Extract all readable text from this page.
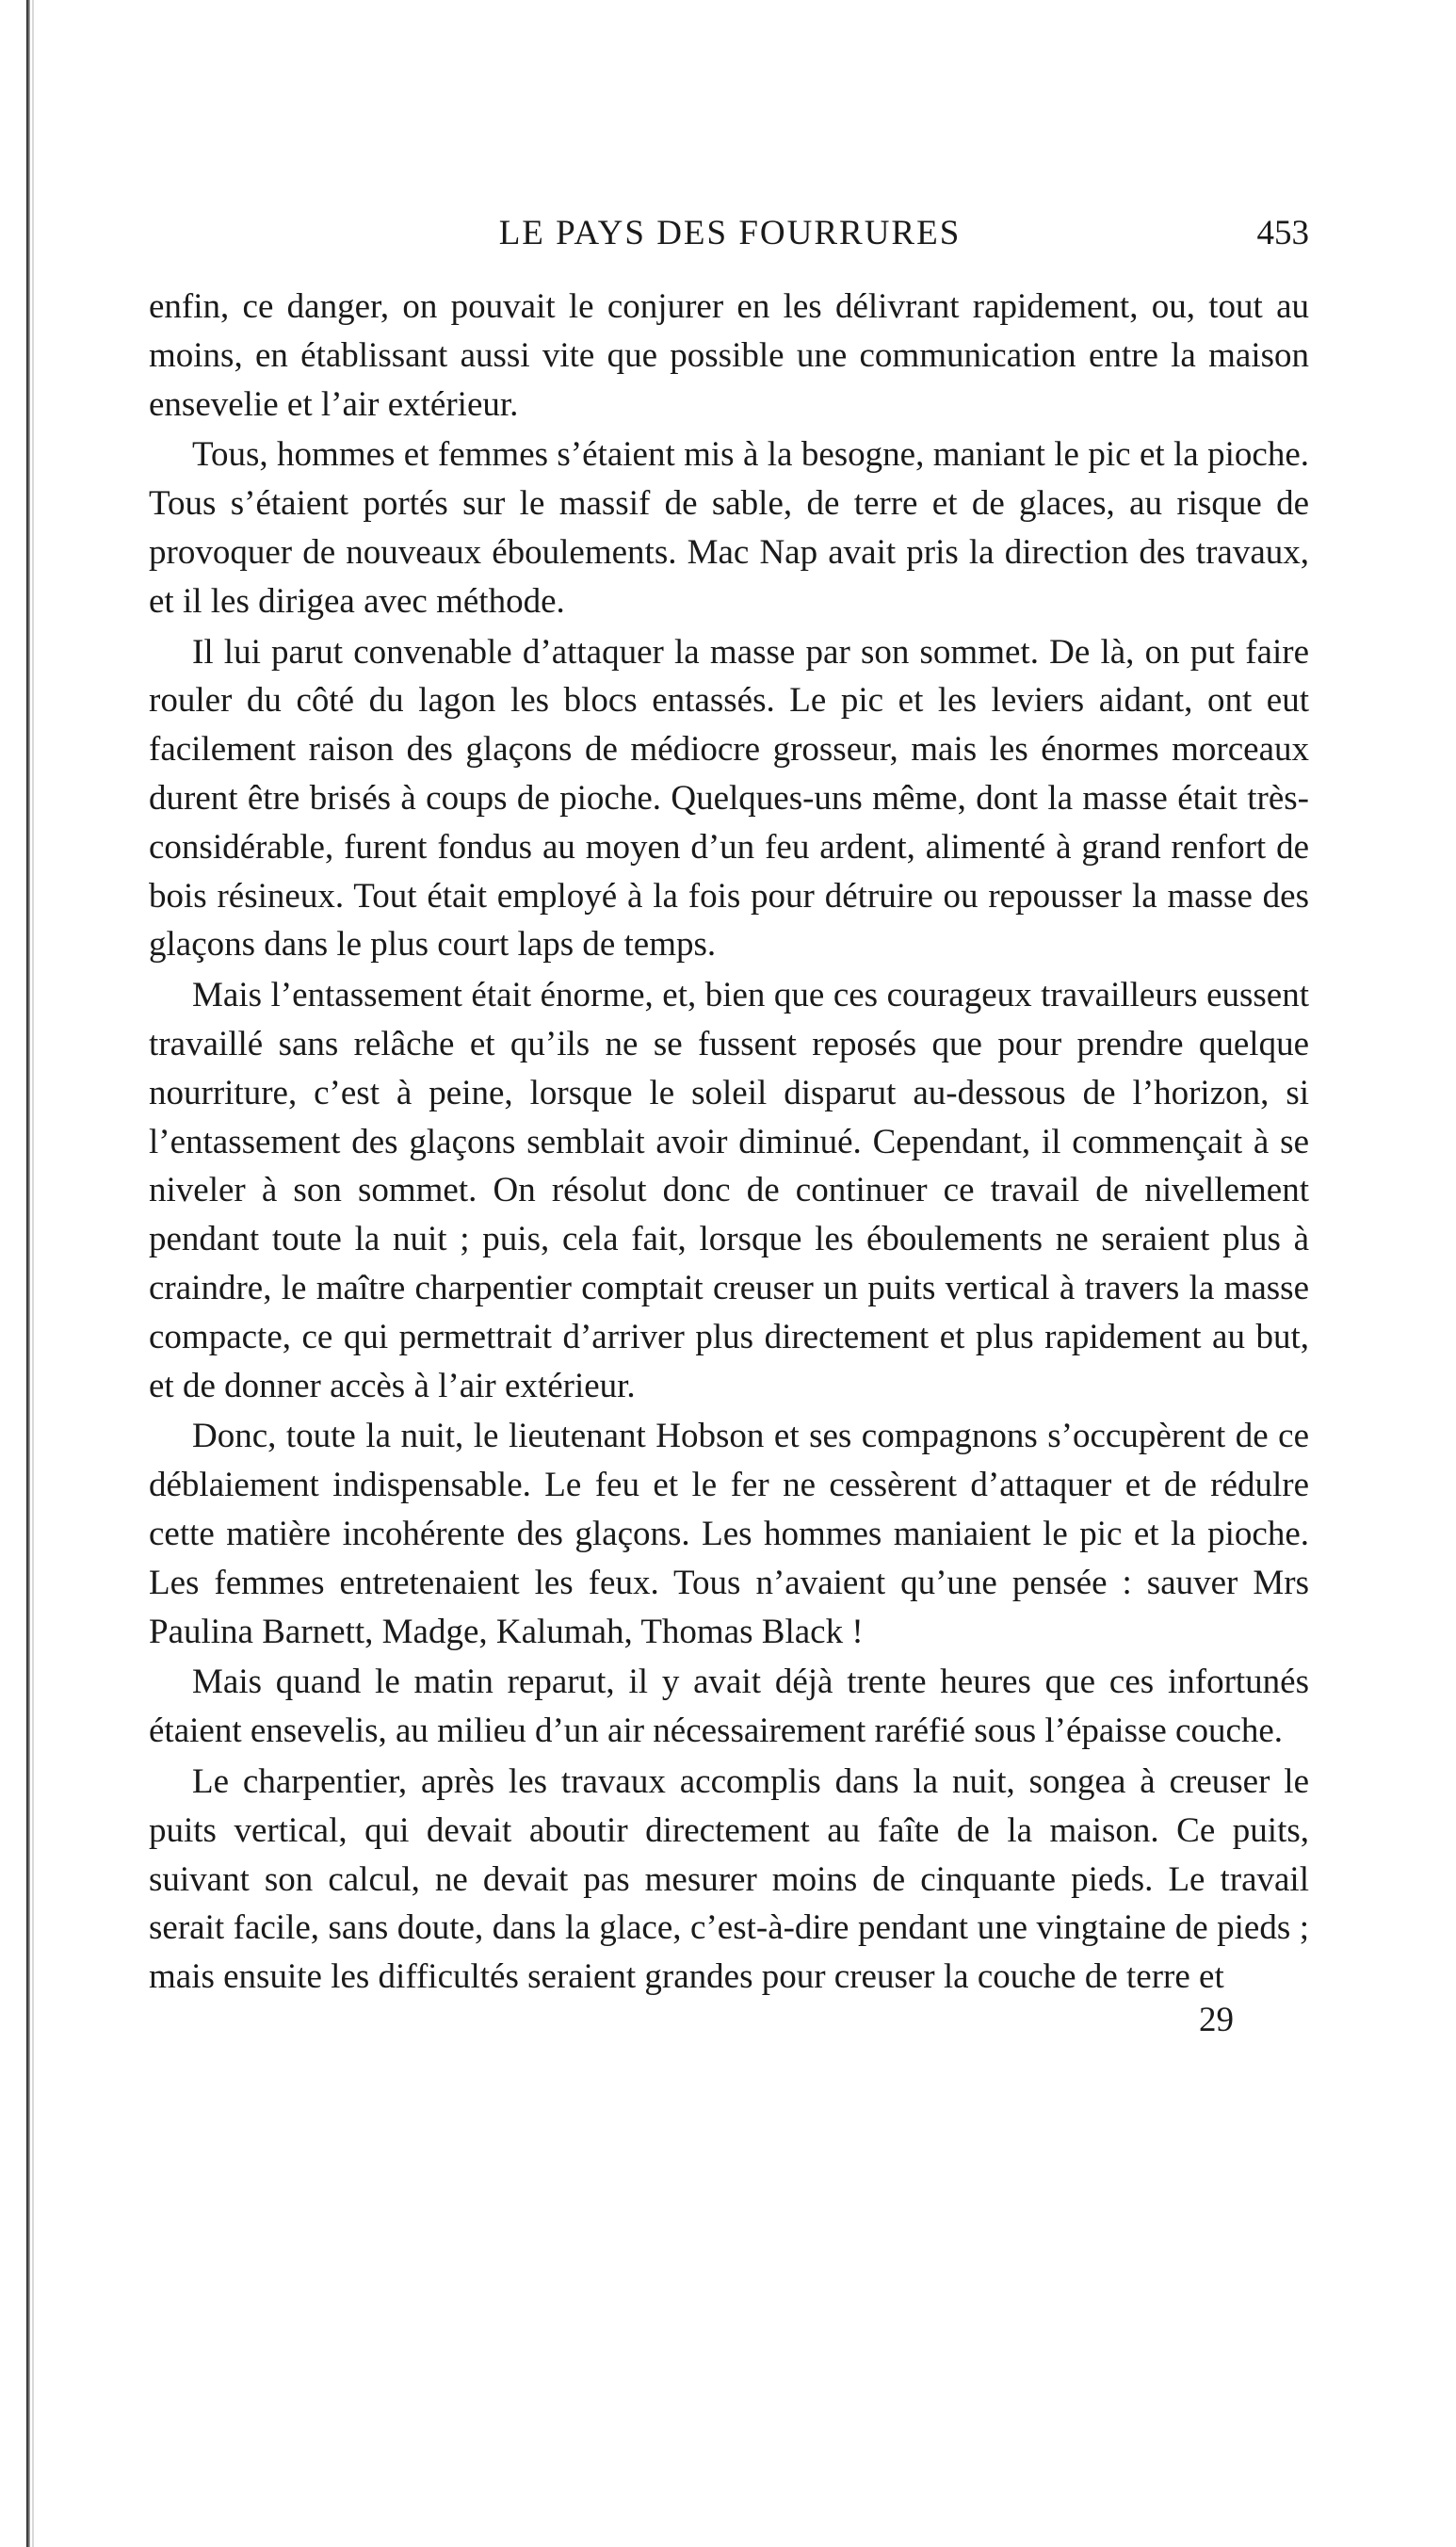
LE PAYS DES FOURRURES	453

enfin, ce danger, on pouvait le conjurer en les délivrant rapidement, ou, tout au moins, en établissant aussi vite que possible une communication entre la maison ensevelie et l’air extérieur.

Tous, hommes et femmes s’étaient mis à la besogne, maniant le pic et la pioche. Tous s’étaient portés sur le massif de sable, de terre et de glaces, au risque de provoquer de nouveaux éboulements. Mac Nap avait pris la direction des travaux, et il les dirigea avec méthode.

Il lui parut convenable d’attaquer la masse par son sommet. De là, on put faire rouler du côté du lagon les blocs entassés. Le pic et les leviers aidant, ont eut facilement raison des glaçons de médiocre grosseur, mais les énormes morceaux durent être brisés à coups de pioche. Quelques-uns même, dont la masse était très-considérable, furent fondus au moyen d’un feu ardent, alimenté à grand renfort de bois résineux. Tout était employé à la fois pour détruire ou repousser la masse des glaçons dans le plus court laps de temps.

Mais l’entassement était énorme, et, bien que ces courageux travailleurs eussent travaillé sans relâche et qu’ils ne se fussent reposés que pour prendre quelque nourriture, c’est à peine, lorsque le soleil disparut au-dessous de l’horizon, si l’entassement des glaçons semblait avoir diminué. Cependant, il commençait à se niveler à son sommet. On résolut donc de continuer ce travail de nivellement pendant toute la nuit ; puis, cela fait, lorsque les éboulements ne seraient plus à craindre, le maître charpentier comptait creuser un puits vertical à travers la masse compacte, ce qui permettrait d’arriver plus directement et plus rapidement au but, et de donner accès à l’air extérieur.

Donc, toute la nuit, le lieutenant Hobson et ses compagnons s’occupèrent de ce déblaiement indispensable. Le feu et le fer ne cessèrent d’attaquer et de rédulre cette matière incohérente des glaçons. Les hommes maniaient le pic et la pioche. Les femmes entretenaient les feux. Tous n’avaient qu’une pensée : sauver Mrs Paulina Barnett, Madge, Kalumah, Thomas Black !

Mais quand le matin reparut, il y avait déjà trente heures que ces infortunés étaient ensevelis, au milieu d’un air nécessairement raréfié sous l’épaisse couche.

Le charpentier, après les travaux accomplis dans la nuit, songea à creuser le puits vertical, qui devait aboutir directement au faîte de la maison. Ce puits, suivant son calcul, ne devait pas mesurer moins de cinquante pieds. Le travail serait facile, sans doute, dans la glace, c’est-à-dire pendant une vingtaine de pieds ; mais ensuite les difficultés seraient grandes pour creuser la couche de terre et

29
